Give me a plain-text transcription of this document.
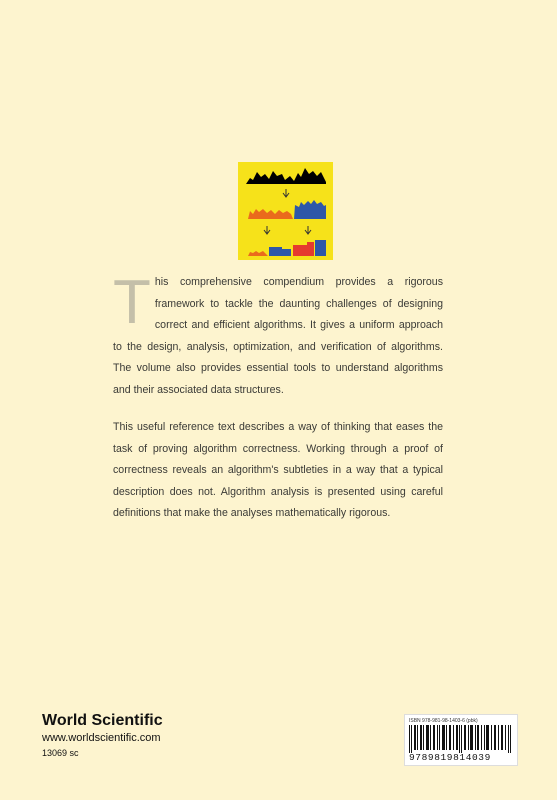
This comprehensive compendium provides a rigorous framework to tackle the daunting challenges of designing correct and efficient algorithms. It gives a uniform approach to the design, analysis, optimization, and verification of algorithms. The volume also provides essential tools to understand algorithms and their associated data structures.
This useful reference text describes a way of thinking that eases the task of proving algorithm correctness. Working through a proof of correctness reveals an algorithm's subtleties in a way that a typical description does not. Algorithm analysis is presented using careful definitions that make the analyses mathematically rigorous.
World Scientific
www.worldscientific.com
13069 sc
ISBN 978-981-98-1403-6 (pbk)
9789819814039
